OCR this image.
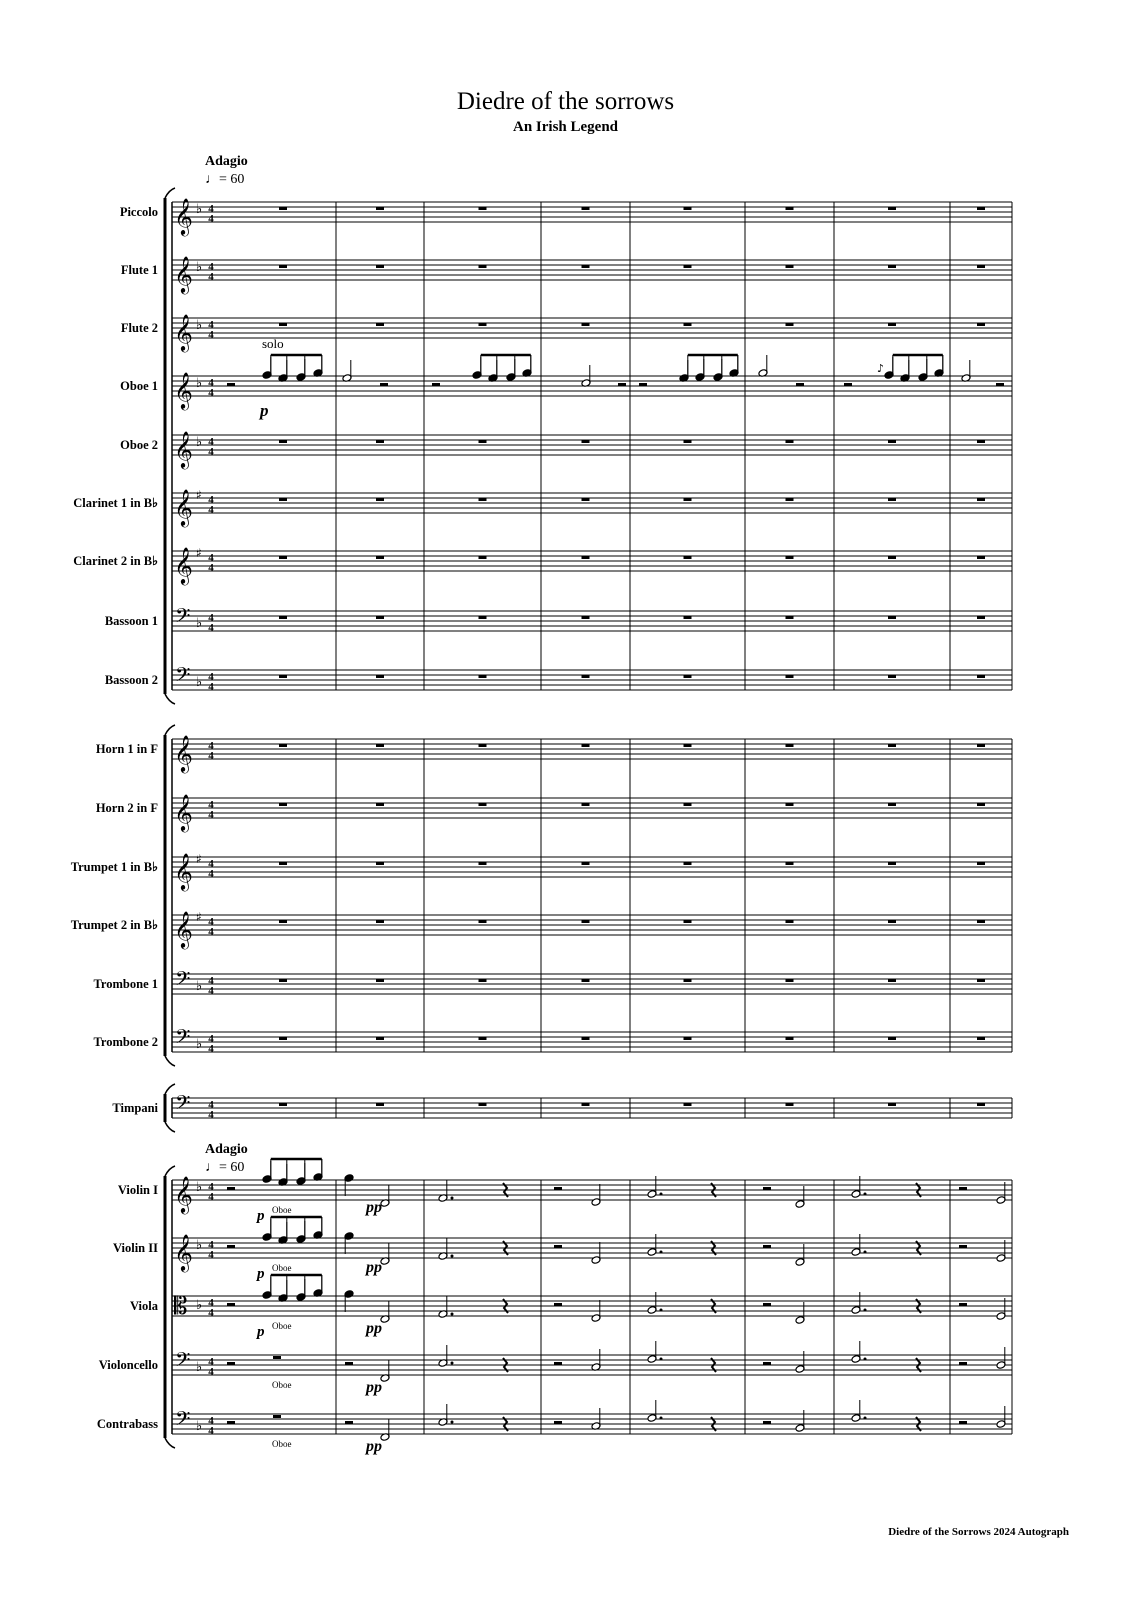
Diedre of the sorrows
An Irish Legend
Adagio
♩= 60
Adagio
♩= 60
Diedre of the Sorrows 2024 Autograph
Piccolo 𝄞 ♭ 4
4
Flute 1 𝄞 ♭ 4
4
Flute 2 𝄞 ♭ 4
4
Oboe 1 𝄞 ♭ 4
4
Oboe 2 𝄞 ♭ 4
4
Clarinet 1 in B♭ 𝄞 ♯ 4
4
Clarinet 2 in B♭ 𝄞 ♯ 4
4
Bassoon 1 𝄢 ♭ 4
4
Bassoon 2 𝄢 ♭ 4
4
Horn 1 in F 𝄞 4
4
Horn 2 in F 𝄞 4
4
Trumpet 1 in B♭ 𝄞 ♯ 4
4
Trumpet 2 in B♭ 𝄞 ♯ 4
4
Trombone 1 𝄢 ♭ 4
4
Trombone 2 𝄢 ♭ 4
4
Timpani 𝄢 4
4
Violin I 𝄞 ♭ 4
4
Violin II 𝄞 ♭ 4
4
Viola 𝄡 ♭ 4
4
Violoncello 𝄢 ♭ 4
4
Contrabass 𝄢 ♭ 4
4
solo
p
♪
p Oboe	pp
p Oboe	pp
p Oboe	pp
Oboe	pp
Oboe	pp
